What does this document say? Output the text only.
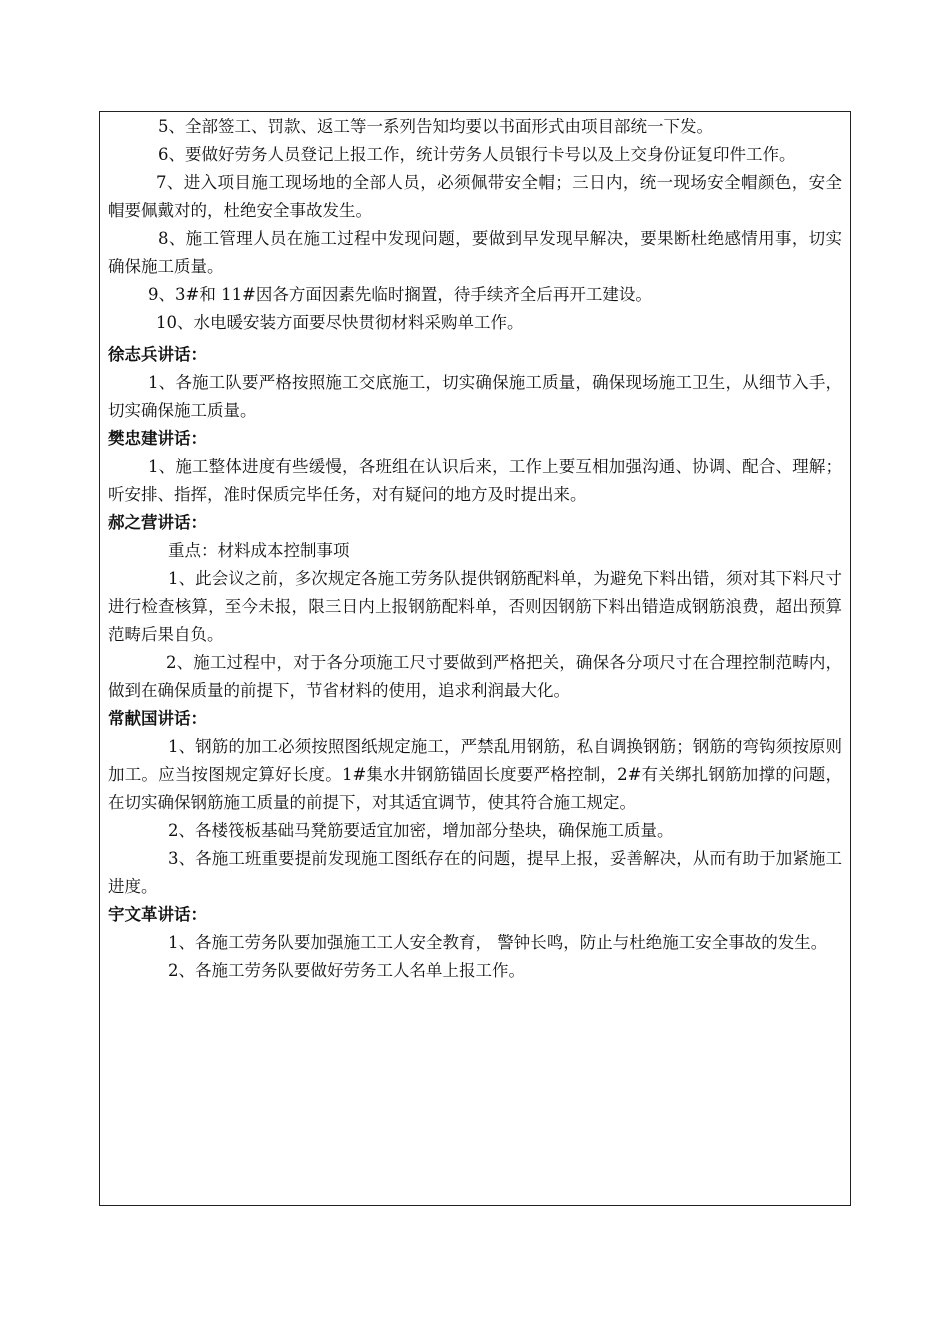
5、全部签工、罚款、返工等一系列告知均要以书面形式由项目部统一下发。

6、要做好劳务人员登记上报工作，统计劳务人员银行卡号以及上交身份证复印件工作。

7、进入项目施工现场地的全部人员，必须佩带安全帽；三日内，统一现场安全帽颜色，安全帽要佩戴对的，杜绝安全事故发生。

8、施工管理人员在施工过程中发现问题，要做到早发现早解决，要果断杜绝感情用事，切实确保施工质量。

9、3#和 11#因各方面因素先临时搁置，待手续齐全后再开工建设。

10、水电暖安装方面要尽快贯彻材料采购单工作。

徐志兵讲话：

1、各施工队要严格按照施工交底施工，切实确保施工质量，确保现场施工卫生，从细节入手，切实确保施工质量。

樊忠建讲话：

1、施工整体进度有些缓慢，各班组在认识后来，工作上要互相加强沟通、协调、配合、理解；听安排、指挥，准时保质完毕任务，对有疑问的地方及时提出来。

郝之营讲话：

重点：材料成本控制事项

1、此会议之前，多次规定各施工劳务队提供钢筋配料单，为避免下料出错，须对其下料尺寸进行检查核算，至今未报，限三日内上报钢筋配料单，否则因钢筋下料出错造成钢筋浪费，超出预算范畴后果自负。

2、施工过程中，对于各分项施工尺寸要做到严格把关，确保各分项尺寸在合理控制范畴内，做到在确保质量的前提下，节省材料的使用，追求利润最大化。

常献国讲话：

1、钢筋的加工必须按照图纸规定施工，严禁乱用钢筋，私自调换钢筋；钢筋的弯钩须按原则加工。应当按图规定算好长度。1#集水井钢筋锚固长度要严格控制，2#有关绑扎钢筋加撑的问题，在切实确保钢筋施工质量的前提下，对其适宜调节，使其符合施工规定。

2、各楼筏板基础马凳筋要适宜加密，增加部分垫块，确保施工质量。

3、各施工班重要提前发现施工图纸存在的问题，提早上报，妥善解决，从而有助于加紧施工进度。

宇文革讲话：

1、各施工劳务队要加强施工工人安全教育， 警钟长鸣，防止与杜绝施工安全事故的发生。

2、各施工劳务队要做好劳务工人名单上报工作。
